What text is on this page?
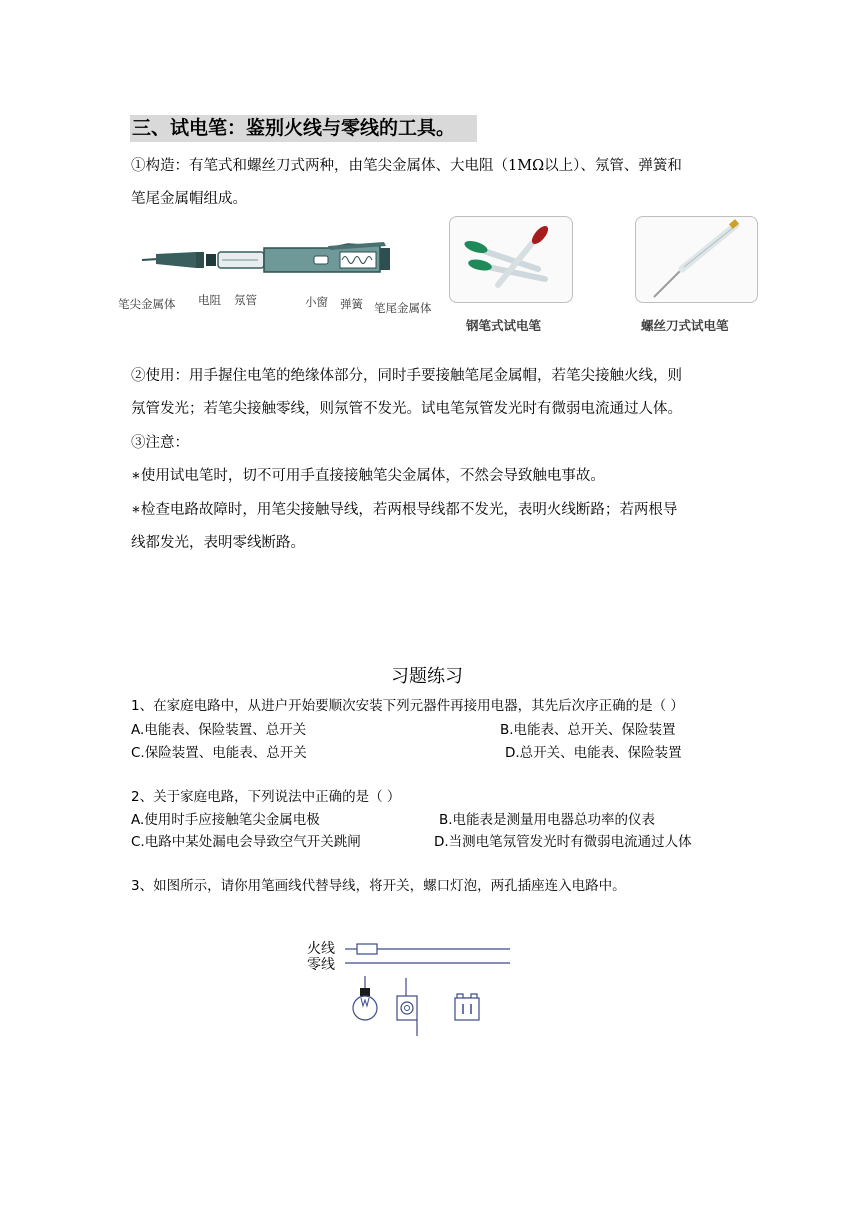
三、试电笔：鉴别火线与零线的工具。
①构造：有笔式和螺丝刀式两种，由笔尖金属体、大电阻（1MΩ以上）、氖管、弹簧和
笔尾金属帽组成。
笔尖金属体 电阻 氖管	小窗 弹簧 笔尾金属体
钢笔式试电笔	螺丝刀式试电笔
②使用：用手握住电笔的绝缘体部分，同时手要接触笔尾金属帽，若笔尖接触火线，则
氖管发光；若笔尖接触零线，则氖管不发光。试电笔氖管发光时有微弱电流通过人体。
③注意：
∗使用试电笔时，切不可用手直接接触笔尖金属体，不然会导致触电事故。
∗检查电路故障时，用笔尖接触导线，若两根导线都不发光，表明火线断路；若两根导
线都发光，表明零线断路。
习题练习
1、在家庭电路中，从进户开始要顺次安装下列元器件再接用电器，其先后次序正确的是（ ）
A.电能表、保险装置、总开关	B.电能表、总开关、保险装置
C.保险装置、电能表、总开关	D.总开关、电能表、保险装置
2、关于家庭电路，下列说法中正确的是（ ）
A.使用时手应接触笔尖金属电极	B.电能表是测量用电器总功率的仪表
C.电路中某处漏电会导致空气开关跳闸	D.当测电笔氖管发光时有微弱电流通过人体
3、如图所示，请你用笔画线代替导线，将开关，螺口灯泡，两孔插座连入电路中。
火线
零线
